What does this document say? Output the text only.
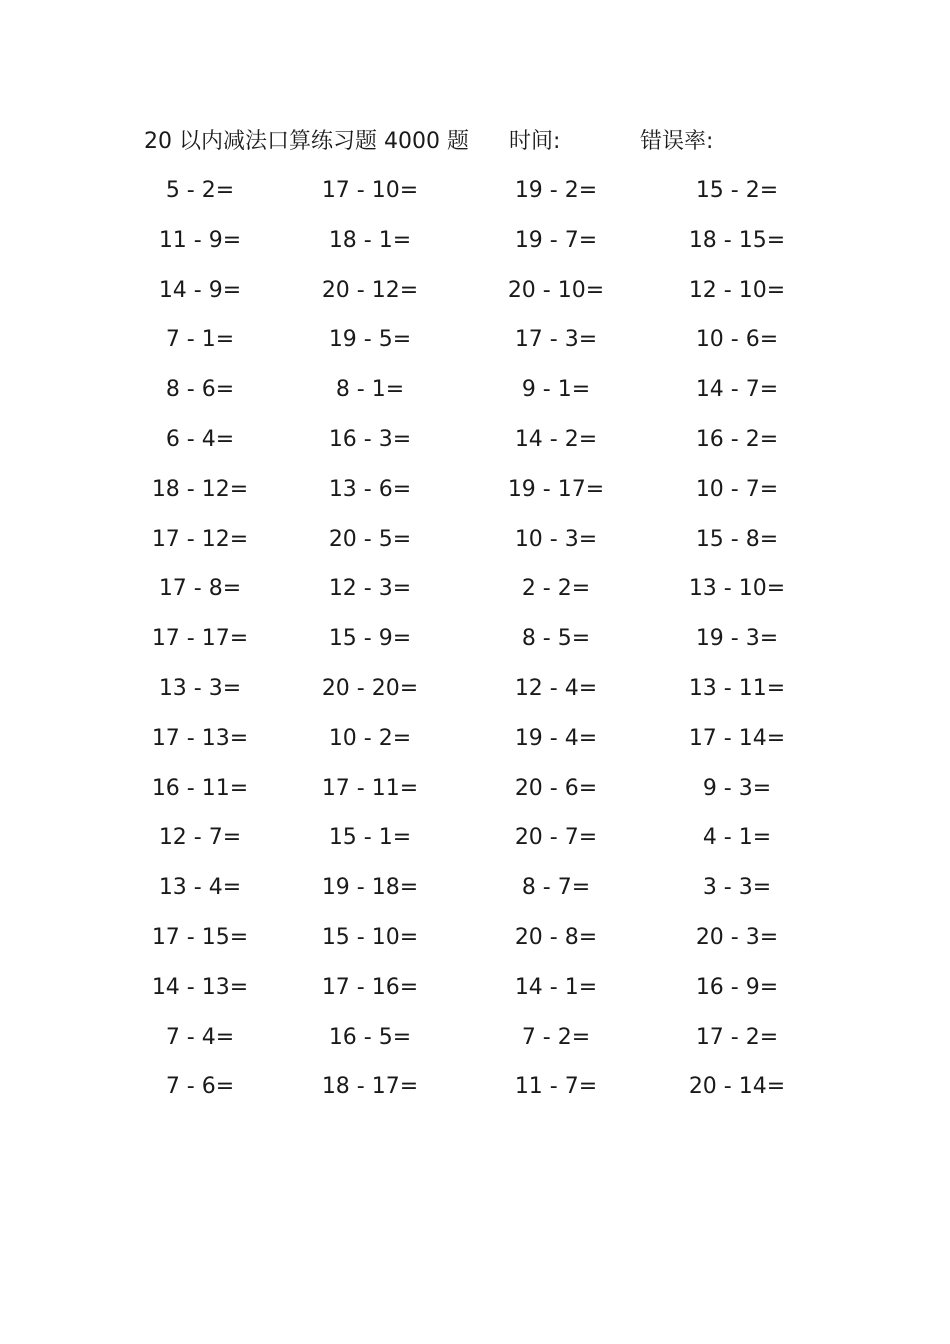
20 以内减法口算练习题 4000 题 时间:	错误率:
5 - 2=	17 - 10=	19 - 2=	15 - 2=
11 - 9=	18 - 1=	19 - 7=	18 - 15=
14 - 9=	20 - 12=	20 - 10=	12 - 10=
7 - 1=	19 - 5=	17 - 3=	10 - 6=
8 - 6=	8 - 1=	9 - 1=	14 - 7=
6 - 4=	16 - 3=	14 - 2=	16 - 2=
18 - 12=	13 - 6=	19 - 17=	10 - 7=
17 - 12=	20 - 5=	10 - 3=	15 - 8=
17 - 8=	12 - 3=	2 - 2=	13 - 10=
17 - 17=	15 - 9=	8 - 5=	19 - 3=
13 - 3=	20 - 20=	12 - 4=	13 - 11=
17 - 13=	10 - 2=	19 - 4=	17 - 14=
16 - 11=	17 - 11=	20 - 6=	9 - 3=
12 - 7=	15 - 1=	20 - 7=	4 - 1=
13 - 4=	19 - 18=	8 - 7=	3 - 3=
17 - 15=	15 - 10=	20 - 8=	20 - 3=
14 - 13=	17 - 16=	14 - 1=	16 - 9=
7 - 4=	16 - 5=	7 - 2=	17 - 2=
7 - 6=	18 - 17=	11 - 7=	20 - 14=
